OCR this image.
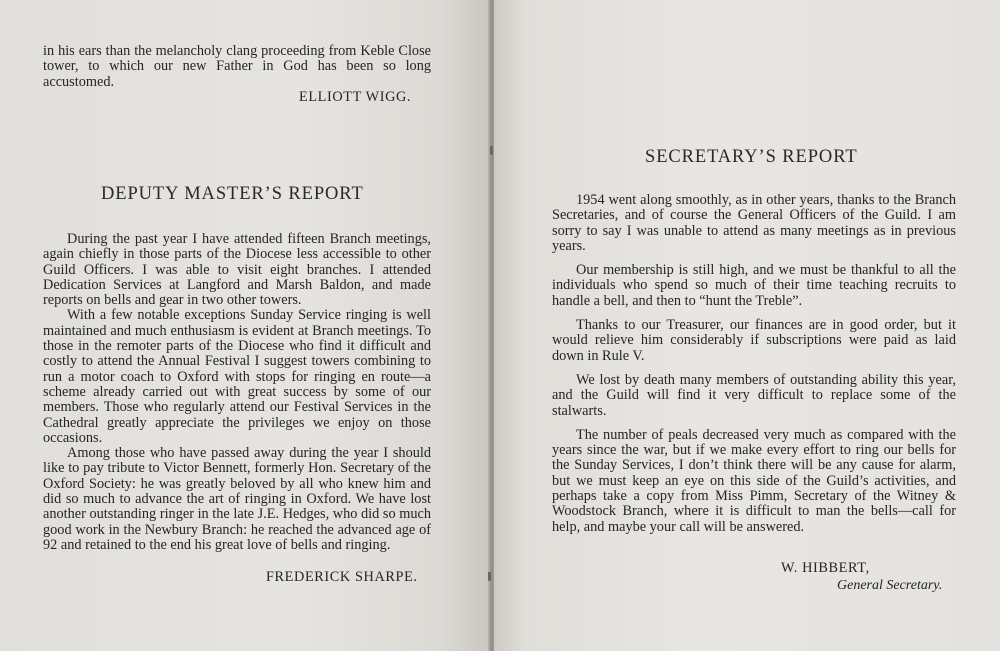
in his ears than the melancholy clang proceeding from Keble Close tower, to which our new Father in God has been so long accustomed.

ELLIOTT WIGG.

DEPUTY MASTER’S REPORT

During the past year I have attended fifteen Branch meetings, again chiefly in those parts of the Diocese less accessible to other Guild Officers. I was able to visit eight branches. I attended Dedication Services at Langford and Marsh Baldon, and made reports on bells and gear in two other towers.

With a few notable exceptions Sunday Service ringing is well maintained and much enthusiasm is evident at Branch meetings. To those in the remoter parts of the Diocese who find it difficult and costly to attend the Annual Festival I suggest towers combining to run a motor coach to Oxford with stops for ringing en route—a scheme already carried out with great success by some of our members. Those who regularly attend our Festival Services in the Cathedral greatly appreciate the privileges we enjoy on those occasions.

Among those who have passed away during the year I should like to pay tribute to Victor Bennett, formerly Hon. Secretary of the Oxford Society: he was greatly beloved by all who knew him and did so much to advance the art of ringing in Oxford. We have lost another outstanding ringer in the late J.E. Hedges, who did so much good work in the Newbury Branch: he reached the advanced age of 92 and retained to the end his great love of bells and ringing.

FREDERICK SHARPE.

SECRETARY’S REPORT

1954 went along smoothly, as in other years, thanks to the Branch Secretaries, and of course the General Officers of the Guild. I am sorry to say I was unable to attend as many meetings as in previous years.

Our membership is still high, and we must be thankful to all the individuals who spend so much of their time teaching recruits to handle a bell, and then to “hunt the Treble”.

Thanks to our Treasurer, our finances are in good order, but it would relieve him considerably if subscriptions were paid as laid down in Rule V.

We lost by death many members of outstanding ability this year, and the Guild will find it very difficult to replace some of the stalwarts.

The number of peals decreased very much as compared with the years since the war, but if we make every effort to ring our bells for the Sunday Services, I don’t think there will be any cause for alarm, but we must keep an eye on this side of the Guild’s activities, and perhaps take a copy from Miss Pimm, Secretary of the Witney & Woodstock Branch, where it is difficult to man the bells—call for help, and maybe your call will be answered.

W. HIBBERT,

General Secretary.
